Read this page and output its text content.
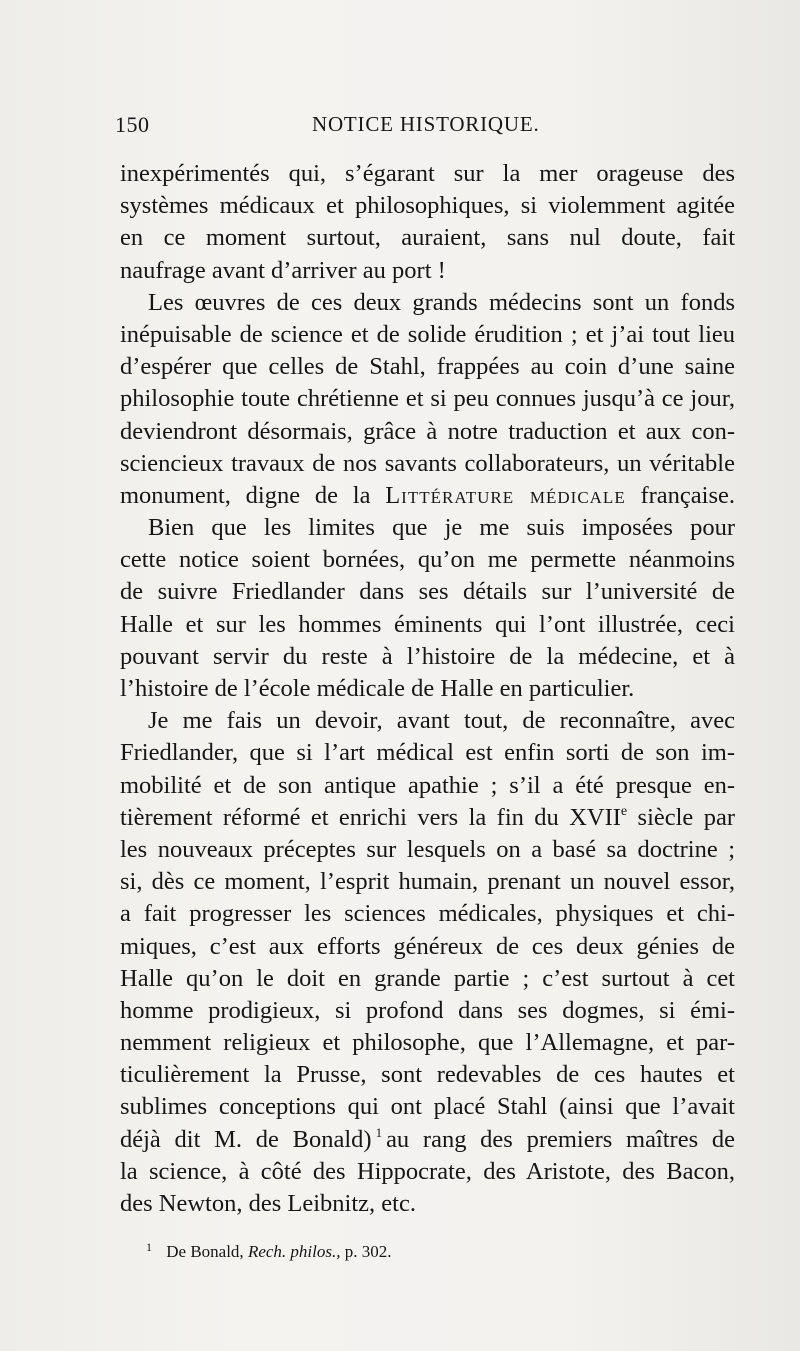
150	NOTICE HISTORIQUE.
inexpérimentés qui, s’égarant sur la mer orageuse des
systèmes médicaux et philosophiques, si violemment agitée
en ce moment surtout, auraient, sans nul doute, fait
naufrage avant d’arriver au port !
Les œuvres de ces deux grands médecins sont un fonds
inépuisable de science et de solide érudition ; et j’ai tout lieu
d’espérer que celles de Stahl, frappées au coin d’une saine
philosophie toute chrétienne et si peu connues jusqu’à ce jour,
deviendront désormais, grâce à notre traduction et aux con-
sciencieux travaux de nos savants collaborateurs, un véritable
monument, digne de la Littérature médicale française.
Bien que les limites que je me suis imposées pour
cette notice soient bornées, qu’on me permette néanmoins
de suivre Friedlander dans ses détails sur l’université de
Halle et sur les hommes éminents qui l’ont illustrée, ceci
pouvant servir du reste à l’histoire de la médecine, et à
l’histoire de l’école médicale de Halle en particulier.
Je me fais un devoir, avant tout, de reconnaître, avec
Friedlander, que si l’art médical est enfin sorti de son im-
mobilité et de son antique apathie ; s’il a été presque en-
tièrement réformé et enrichi vers la fin du XVIIe siècle par
les nouveaux préceptes sur lesquels on a basé sa doctrine ;
si, dès ce moment, l’esprit humain, prenant un nouvel essor,
a fait progresser les sciences médicales, physiques et chi-
miques, c’est aux efforts généreux de ces deux génies de
Halle qu’on le doit en grande partie ; c’est surtout à cet
homme prodigieux, si profond dans ses dogmes, si émi-
nemment religieux et philosophe, que l’Allemagne, et par-
ticulièrement la Prusse, sont redevables de ces hautes et
sublimes conceptions qui ont placé Stahl (ainsi que l’avait
déjà dit M. de Bonald) $^1$ au rang des premiers maîtres de
la science, à côté des Hippocrate, des Aristote, des Bacon,
des Newton, des Leibnitz, etc.
$^1$ De Bonald, Rech. philos., p. 302.
